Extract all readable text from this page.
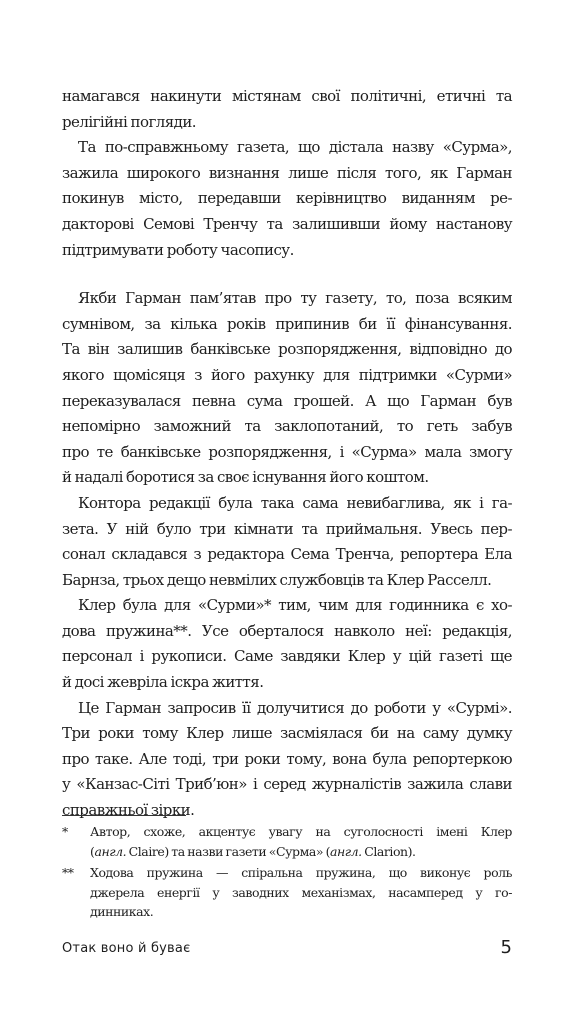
намагався накинути містянам свої політичні, етичні та
релігійні погляди.
Та по-справжньому газета, що дістала назву «Сурма»,
зажила широкого визнання лише після того, як Гарман
покинув місто, передавши керівництво виданням ре-
дакторові Семові Тренчу та залишивши йому настанову
підтримувати роботу часопису.
Якби Гарман пам’ятав про ту газету, то, поза всяким
сумнівом, за кілька років припинив би її фінансування.
Та він залишив банківське розпорядження, відповідно до
якого щомісяця з його рахунку для підтримки «Сурми»
переказувалася певна сума грошей. А що Гарман був
непомірно заможний та заклопотаний, то геть забув
про те банківське розпорядження, і «Сурма» мала змогу
й надалі боротися за своє існування його коштом.
Контора редакції була така сама невибаглива, як і га-
зета. У ній було три кімнати та приймальня. Увесь пер-
сонал складався з редактора Сема Тренча, репортера Ела
Барнза, трьох дещо невмілих службовців та Клер Расселл.
Клер була для «Сурми»* тим, чим для годинника є хо-
дова пружина**. Усе оберталося навколо неї: редакція,
персонал і рукописи. Саме завдяки Клер у цій газеті ще
й досі жевріла іскра життя.
Це Гарман запросив її долучитися до роботи у «Сурмі».
Три роки тому Клер лише засміялася би на саму думку
про таке. Але тоді, три роки тому, вона була репортеркою
у «Канзас-Сіті Триб’юн» і серед журналістів зажила слави
справжньої зірки.
* Автор, схоже, акцентує увагу на суголосності імені Клер
(англ. Claire) та назви газети «Сурма» (англ. Clarion).
** Ходова пружина — спіральна пружина, що виконує роль
джерела енергії у заводних механізмах, насамперед у го-
динниках.
Отак воно й буває	5
